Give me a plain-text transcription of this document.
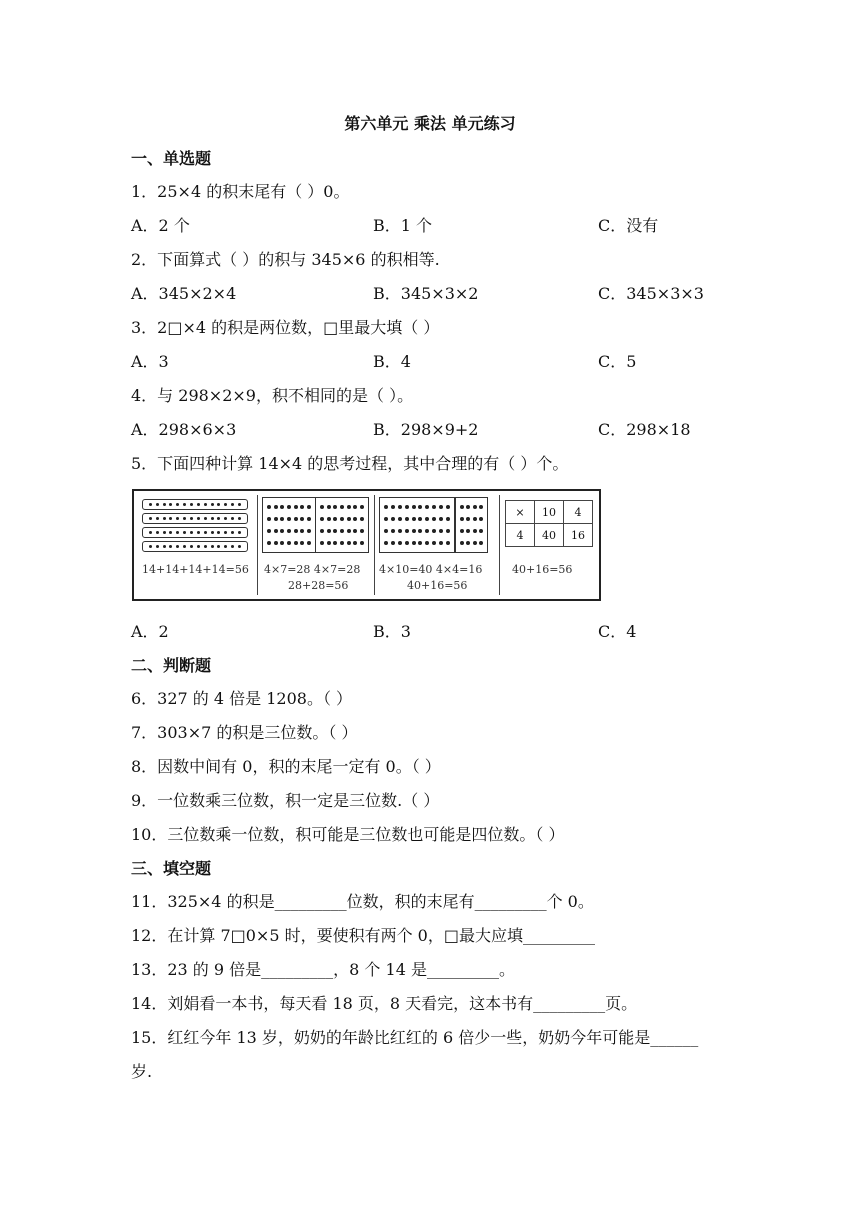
第六单元 乘法 单元练习
一、单选题
1．25×4 的积末尾有（ ）0。
A．2 个	B．1 个	C．没有
2．下面算式（ ）的积与 345×6 的积相等.
A．345×2×4	B．345×3×2	C．345×3×3
3．2□×4 的积是两位数，□里最大填（ ）
A．3	B．4	C．5
4．与 298×2×9，积不相同的是（ ）。
A．298×6×3	B．298×9+2	C．298×18
5．下面四种计算 14×4 的思考过程，其中合理的有（ ）个。
14+14+14+14=56 4×7=28 4×7=28
28+28=56
4×10=40 4×4=16
40+16=56
×	10	4
4	40	16
40+16=56
A．2	B．3	C．4
二、判断题
6．327 的 4 倍是 1208。（ ）
7．303×7 的积是三位数。（ ）
8．因数中间有 0，积的末尾一定有 0。（ ）
9．一位数乘三位数，积一定是三位数.（ ）
10．三位数乘一位数，积可能是三位数也可能是四位数。（ ）
三、填空题
11．325×4 的积是_________位数，积的末尾有_________个 0。
12．在计算 7□0×5 时，要使积有两个 0，□最大应填_________
13．23 的 9 倍是_________，8 个 14 是_________。
14．刘娟看一本书，每天看 18 页，8 天看完，这本书有_________页。
15．红红今年 13 岁，奶奶的年龄比红红的 6 倍少一些，奶奶今年可能是______
岁.
